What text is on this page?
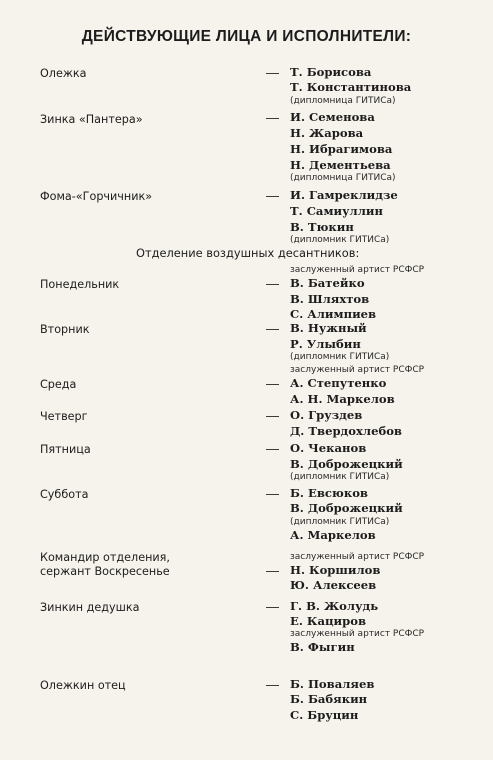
ДЕЙСТВУЮЩИЕ ЛИЦА И ИСПОЛНИТЕЛИ:
Олежка	— Т. Борисова
Т. Константинова
(дипломница ГИТИСа)
Зинка «Пантера»	— И. Семенова
Н. Жарова
Н. Ибрагимова
Н. Дементьева
(дипломница ГИТИСа)
Фома-«Горчичник»	— И. Гамрeклидзе
Т. Самиуллин
В. Тюкин
(дипломник ГИТИСа)
Отделение воздушных десантников:
заслуженный артист РСФСР
Понедельник	— В. Батейко
В. Шляхтов
С. Алимпиев
Вторник	— В. Нужный
Р. Улыбин
(дипломник ГИТИСа)
заслуженный артист РСФСР
Среда	— А. Степутенко
А. Н. Маркелов
Четверг	— О. Груздев
Д. Твердохлебов
Пятница	— О. Чеканов
В. Доброжецкий
(дипломник ГИТИСа)
Суббота	— Б. Евсюков
В. Доброжецкий
(дипломник ГИТИСа)
А. Маркелов
Командир отделения,
сержант Воскресенье
заслуженный артист РСФСР
— Н. Коршилов
Ю. Алексеев
Зинкин дедушка	— Г. В. Жолудь
Е. Кацирoв
заслуженный артист РСФСР
В. Фыгин
Олежкин отец	— Б. Поваляев
Б. Бабякин
С. Бруцин
